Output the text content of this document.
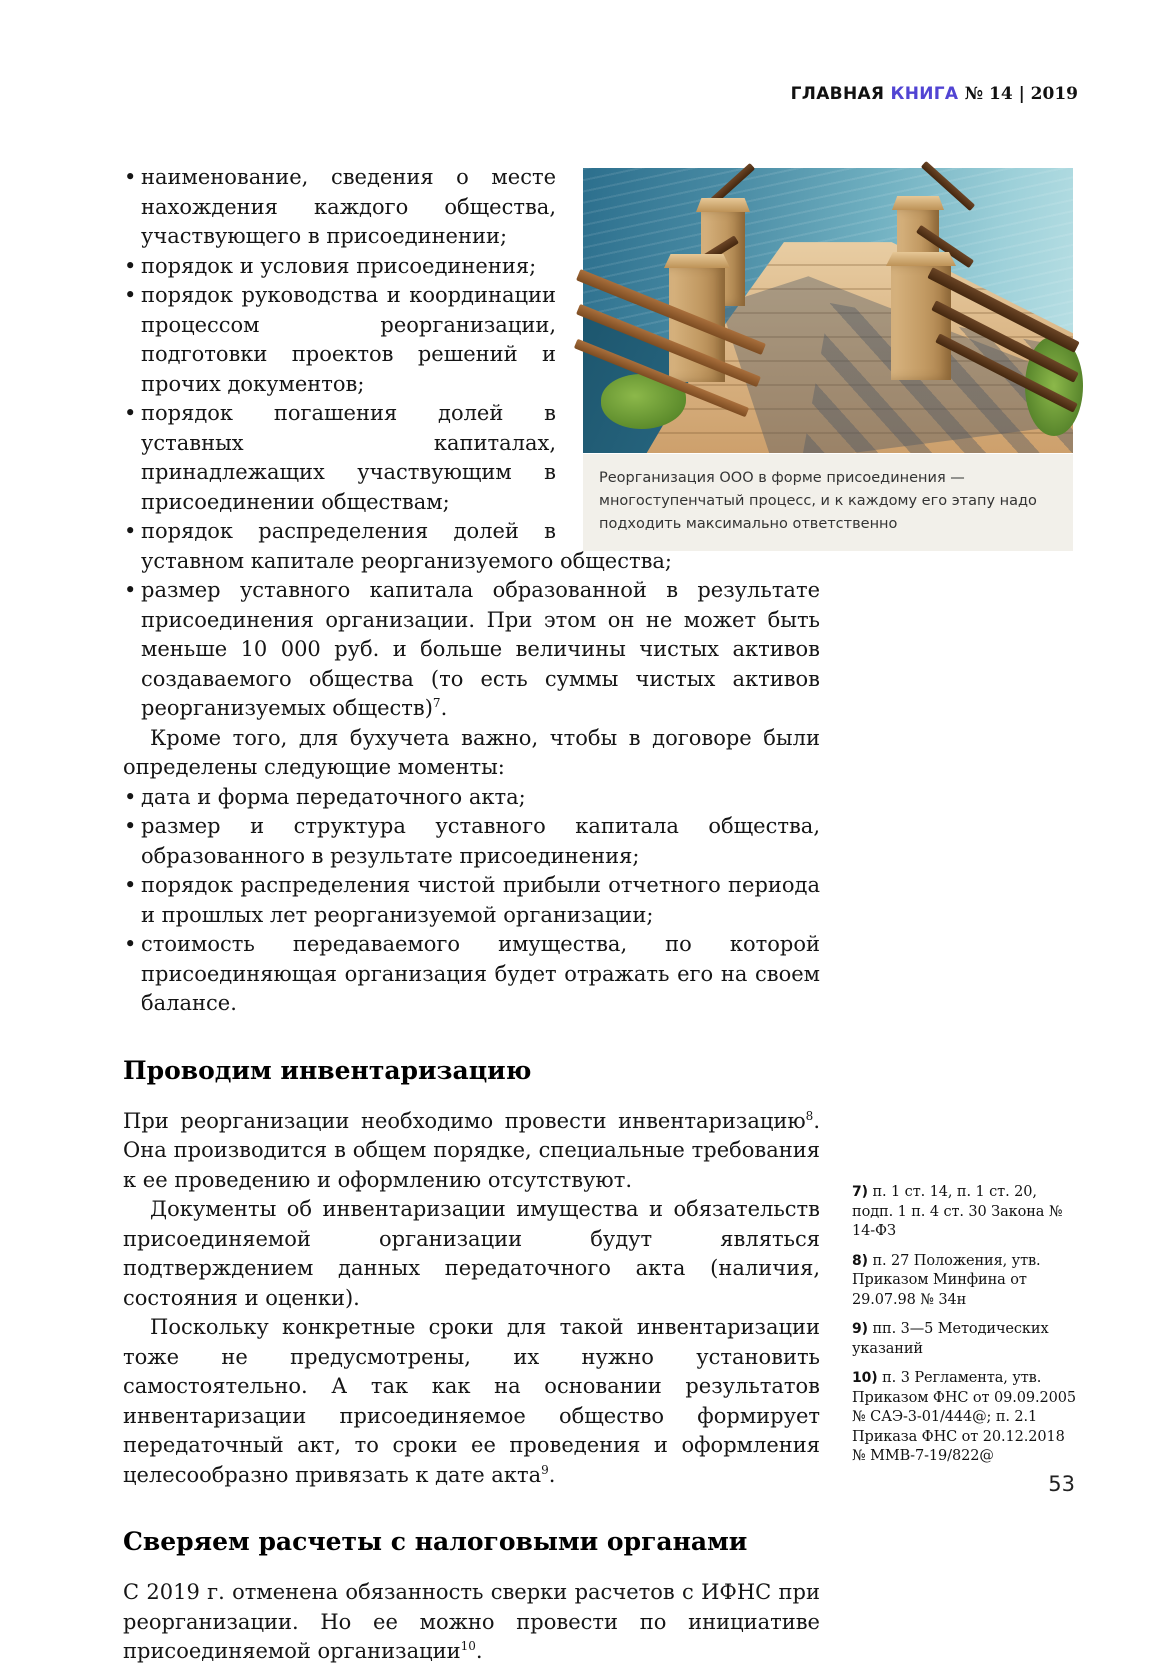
ГЛАВНАЯ КНИГА № 14 | 2019
Реорганизация ООО в форме присоединения — многоступенчатый процесс, и к каждому его этапу надо подходить максимально ответственно
• наименование, сведения о месте нахождения каждого общества, участвующего в присоединении;
• порядок и условия присоединения;
• порядок руководства и координации процессом реорганизации, подготовки проектов решений и прочих документов;
• порядок погашения долей в уставных капиталах, принадлежащих участвующим в присоединении обществам;
• порядок распределения долей в уставном капитале реорганизуемого общества;
• размер уставного капитала образованной в результате присоединения организации. При этом он не может быть меньше 10 000 руб. и больше величины чистых активов создаваемого общества (то есть суммы чистых активов реорганизуемых обществ)$^7$.

Кроме того, для бухучета важно, чтобы в договоре были определены следующие моменты:

• дата и форма передаточного акта;
• размер и структура уставного капитала общества, образованного в результате присоединения;
• порядок распределения чистой прибыли отчетного периода и прошлых лет реорганизуемой организации;
• стоимость передаваемого имущества, по которой присоединяющая организация будет отражать его на своем балансе.
Проводим инвентаризацию

При реорганизации необходимо провести инвентаризацию$^8$. Она производится в общем порядке, специальные требования к ее проведению и оформлению отсутствуют.

Документы об инвентаризации имущества и обязательств присоединяемой организации будут являться подтверждением данных передаточного акта (наличия, состояния и оценки).

Поскольку конкретные сроки для такой инвентаризации тоже не предусмотрены, их нужно установить самостоятельно. А так как на основании результатов инвентаризации присоединяемое общество формирует передаточный акт, то сроки ее проведения и оформления целесообразно привязать к дате акта$^9$.

Сверяем расчеты с налоговыми органами

С 2019 г. отменена обязанность сверки расчетов с ИФНС при реорганизации. Но ее можно провести по инициативе присоединяемой организации$^{10}$.

7) п. 1 ст. 14, п. 1 ст. 20, подп. 1 п. 4 ст. 30 Закона № 14-ФЗ

8) п. 27 Положения, утв. Приказом Минфина от 29.07.98 № 34н

9) пп. 3—5 Методических указаний

10) п. 3 Регламента, утв. Приказом ФНС от 09.09.2005 № САЭ-3-01/444@; п. 2.1 Приказа ФНС от 20.12.2018 № ММВ-7-19/822@

53
